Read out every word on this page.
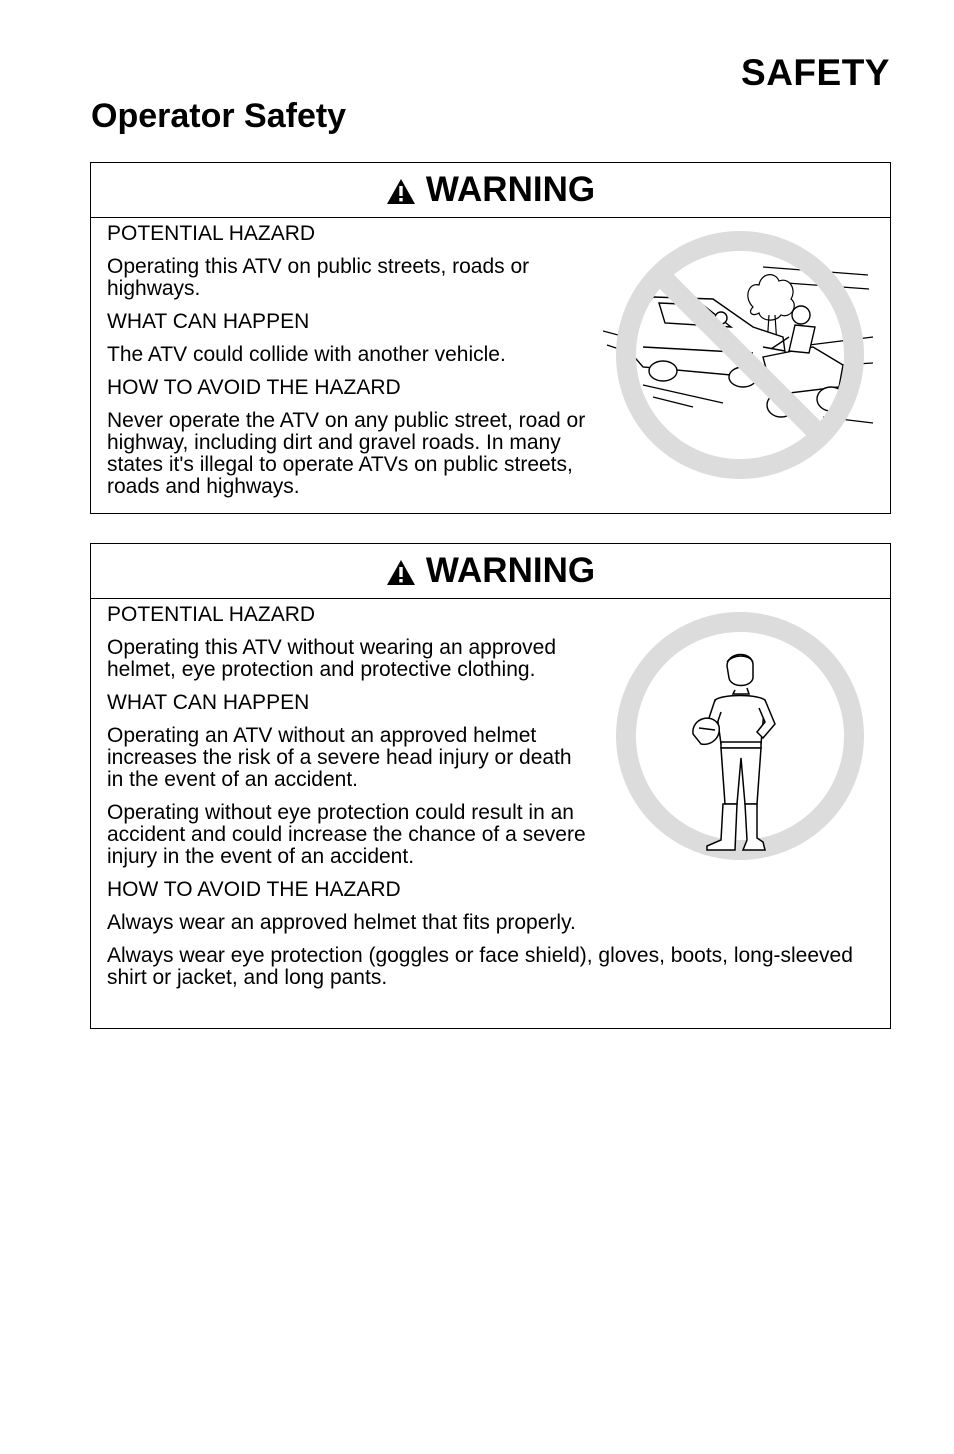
SAFETY
Operator Safety
WARNING

POTENTIAL HAZARD

Operating this ATV on public streets, roads or highways.

WHAT CAN HAPPEN

The ATV could collide with another vehicle.

HOW TO AVOID THE HAZARD

Never operate the ATV on any public street, road or highway, including dirt and gravel roads. In many states it's illegal to operate ATVs on public streets, roads and highways.

WARNING

POTENTIAL HAZARD

Operating this ATV without wearing an approved helmet, eye protection and protective clothing.

WHAT CAN HAPPEN

Operating an ATV without an approved helmet increases the risk of a severe head injury or death in the event of an accident.

Operating without eye protection could result in an accident and could increase the chance of a severe injury in the event of an accident.

HOW TO AVOID THE HAZARD

Always wear an approved helmet that fits properly.

Always wear eye protection (goggles or face shield), gloves, boots, long-sleeved shirt or jacket, and long pants.
